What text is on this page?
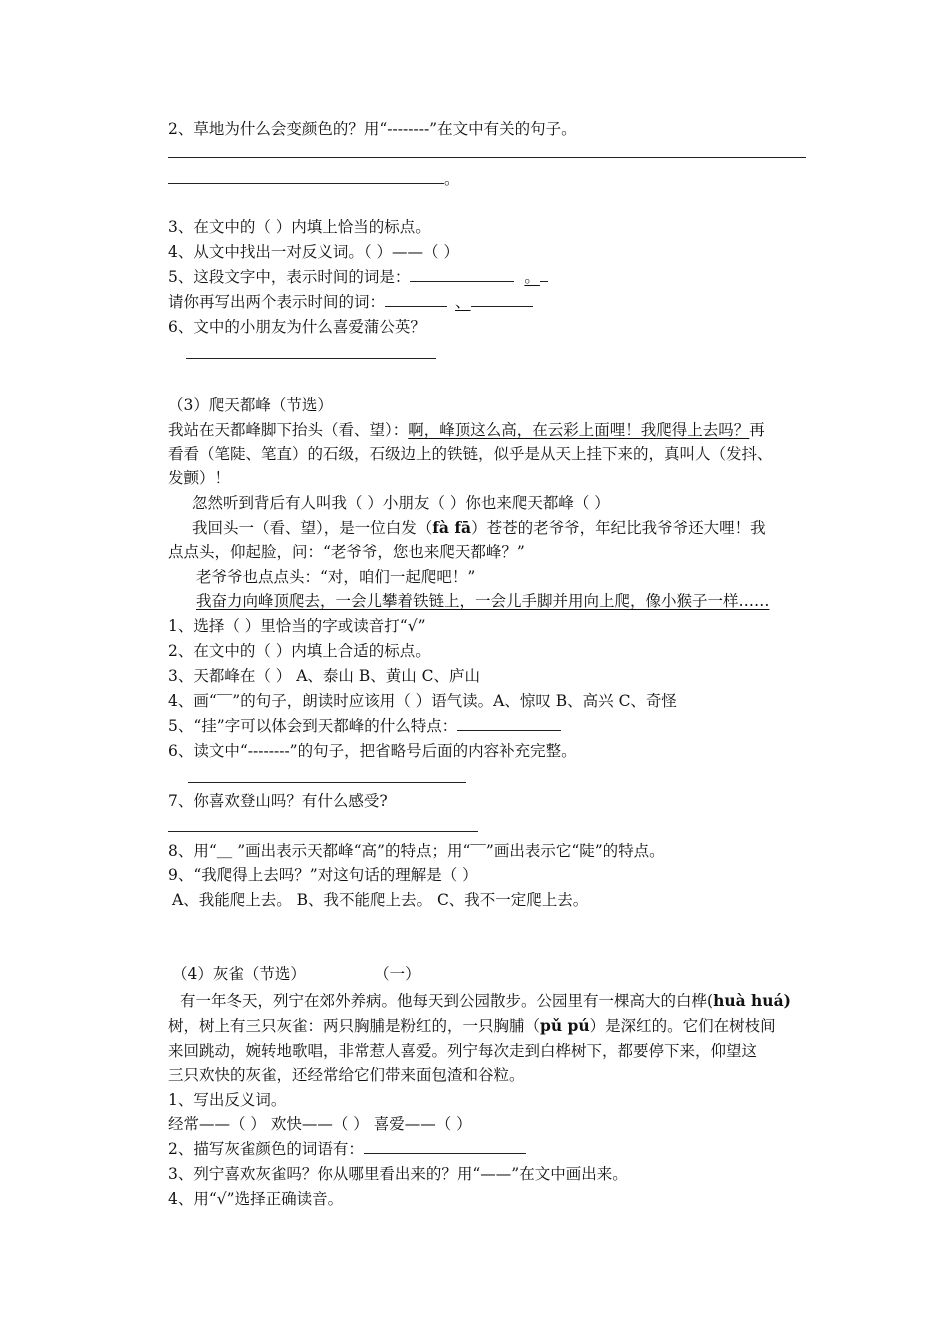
2、草地为什么会变颜色的？用“--------”在文中有关的句子。
。
3、在文中的（ ）内填上恰当的标点。
4、从文中找出一对反义词。（ ）——（ ）
5、这段文字中，表示时间的词是：	。
请你再写出两个表示时间的词：	、
6、文中的小朋友为什么喜爱蒲公英？
（3）爬天都峰（节选）
我站在天都峰脚下抬头（看、望）：啊，峰顶这么高，在云彩上面哩！我爬得上去吗？再
看看（笔陡、笔直）的石级，石级边上的铁链，似乎是从天上挂下来的，真叫人（发抖、
发颤）！
忽然听到背后有人叫我（ ）小朋友（ ）你也来爬天都峰（ ）
我回头一（看、望），是一位白发（fà fā）苍苍的老爷爷，年纪比我爷爷还大哩！我
点点头，仰起脸，问：“老爷爷，您也来爬天都峰？”
老爷爷也点点头：“对，咱们一起爬吧！”
我奋力向峰顶爬去，一会儿攀着铁链上，一会儿手脚并用向上爬，像小猴子一样……
1、选择（ ）里恰当的字或读音打“√”
2、在文中的（ ）内填上合适的标点。
3、天都峰在（ ） A、泰山 B、黄山 C、庐山
4、画“‾‾”的句子，朗读时应该用（ ）语气读。A、惊叹 B、高兴 C、奇怪
5、“挂”字可以体会到天都峰的什么特点：
6、读文中“--------”的句子，把省略号后面的内容补充完整。
7、你喜欢登山吗？有什么感受?
8、用“＿ ”画出表示天都峰“高”的特点；用“‾‾”画出表示它“陡”的特点。
9、“我爬得上去吗？”对这句话的理解是（ ）
A、我能爬上去。 B、我不能爬上去。 C、我不一定爬上去。
（4）灰雀（节选）	（一）
有一年冬天，列宁在郊外养病。他每天到公园散步。公园里有一棵高大的白桦(huà huá)
树，树上有三只灰雀：两只胸脯是粉红的，一只胸脯（pǔ pú）是深红的。它们在树枝间
来回跳动，婉转地歌唱，非常惹人喜爱。列宁每次走到白桦树下，都要停下来，仰望这
三只欢快的灰雀，还经常给它们带来面包渣和谷粒。
1、写出反义词。
经常——（ ） 欢快——（ ） 喜爱——（ ）
2、描写灰雀颜色的词语有：
3、列宁喜欢灰雀吗？你从哪里看出来的？用“——”在文中画出来。
4、用“√”选择正确读音。
